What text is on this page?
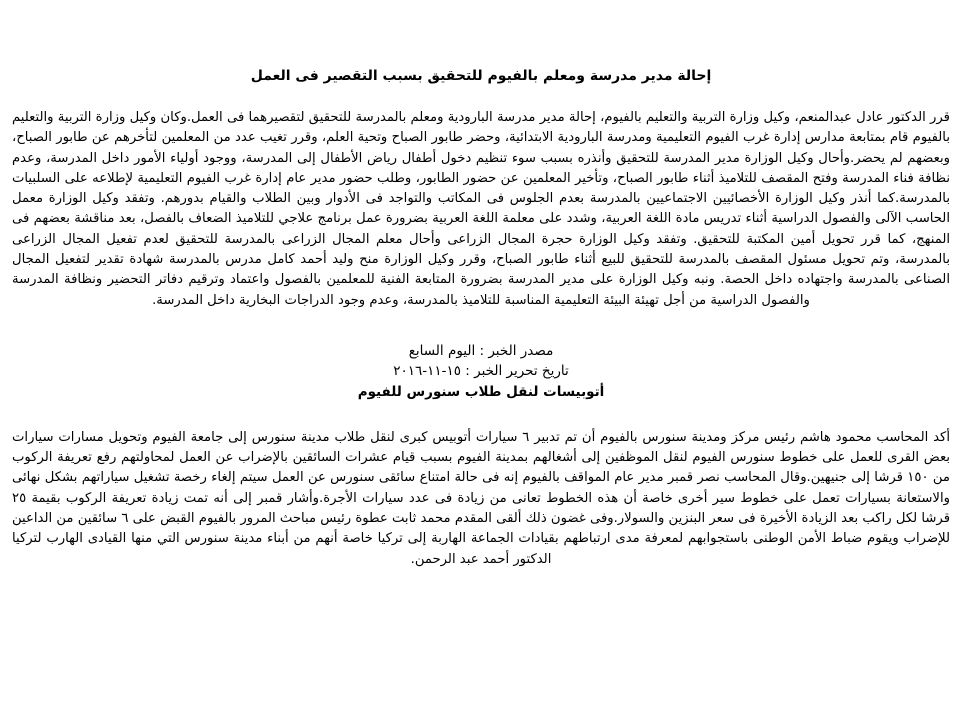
إحالة مدير مدرسة ومعلم بالفيوم للتحقيق بسبب التقصير فى العمل

قرر الدكتور عادل عبدالمنعم، وكيل وزارة التربية والتعليم بالفيوم، إحالة مدير مدرسة البارودية ومعلم بالمدرسة للتحقيق لتقصيرهما فى العمل.وكان وكيل وزارة التربية والتعليم بالفيوم قام بمتابعة مدارس إدارة غرب الفيوم التعليمية ومدرسة البارودية الابتدائية، وحضر طابور الصباح وتحية العلم، وقرر تغيب عدد من المعلمين لتأخرهم عن طابور الصباح، وبعضهم لم يحضر.وأحال وكيل الوزارة مدير المدرسة للتحقيق وأنذره بسبب سوء تنظيم دخول أطفال رياض الأطفال إلى المدرسة، ووجود أولياء الأمور داخل المدرسة، وعدم نظافة فناء المدرسة وفتح المقصف للتلاميذ أثناء طابور الصباح، وتأخير المعلمين عن حضور الطابور، وطلب حضور مدير عام إدارة غرب الفيوم التعليمية لإطلاعه على السلبيات بالمدرسة.كما أنذر وكيل الوزارة الأخصائيين الاجتماعيين بالمدرسة بعدم الجلوس فى المكاتب والتواجد فى الأدوار وبين الطلاب والقيام بدورهم. وتفقد وكيل الوزارة معمل الحاسب الآلى والفصول الدراسية أثناء تدريس مادة اللغة العربية، وشدد على معلمة اللغة العربية بضرورة عمل برنامج علاجي للتلاميذ الضعاف بالفصل، بعد مناقشة بعضهم فى المنهج، كما قرر تحويل أمين المكتبة للتحقيق. وتفقد وكيل الوزارة حجرة المجال الزراعى وأحال معلم المجال الزراعى بالمدرسة للتحقيق لعدم تفعيل المجال الزراعى بالمدرسة، وتم تحويل مسئول المقصف بالمدرسة للتحقيق للبيع أثناء طابور الصباح، وقرر وكيل الوزارة منح وليد أحمد كامل مدرس بالمدرسة شهادة تقدير لتفعيل المجال الصناعى بالمدرسة واجتهاده داخل الحصة. ونبه وكيل الوزارة على مدير المدرسة بضرورة المتابعة الفنية للمعلمين بالفصول واعتماد وترقيم دفاتر التحضير ونظافة المدرسة والفصول الدراسية من أجل تهيئة البيئة التعليمية المناسبة للتلاميذ بالمدرسة، وعدم وجود الدراجات البخارية داخل المدرسة.

مصدر الخبر : اليوم السابع

تاريخ تحرير الخبر : ١٥-١١-٢٠١٦

أتوبيسات لنقل طلاب سنورس للفيوم

أكد المحاسب محمود هاشم رئيس مركز ومدينة سنورس بالفيوم أن تم تدبير ٦ سيارات أتوبيس كبرى لنقل طلاب مدينة سنورس إلى جامعة الفيوم وتحويل مسارات سيارات بعض القرى للعمل على خطوط سنورس الفيوم لنقل الموظفين إلى أشغالهم بمدينة الفيوم بسبب قيام عشرات السائقين بالإضراب عن العمل لمحاولتهم رفع تعريفة الركوب من ١٥٠ قرشا إلى جنيهين.وقال المحاسب نصر قمبر مدير عام المواقف بالفيوم إنه فى حالة امتناع سائقى سنورس عن العمل سيتم إلغاء رخصة تشغيل سياراتهم بشكل نهائى والاستعانة بسيارات تعمل على خطوط سير أخرى خاصة أن هذه الخطوط تعانى من زيادة فى عدد سيارات الأجرة.وأشار قمبر إلى أنه تمت زيادة تعريفة الركوب بقيمة ٢٥ قرشا لكل راكب بعد الزيادة الأخيرة فى سعر البنزين والسولار.وفى غضون ذلك ألقى المقدم محمد ثابت عطوة رئيس مباحث المرور بالفيوم القبض على ٦ سائقين من الداعين للإضراب ويقوم ضباط الأمن الوطنى باستجوابهم لمعرفة مدى ارتباطهم بقيادات الجماعة الهاربة إلى تركيا خاصة أنهم من أبناء مدينة سنورس التي منها القيادى الهارب لتركيا الدكتور أحمد عبد الرحمن.
